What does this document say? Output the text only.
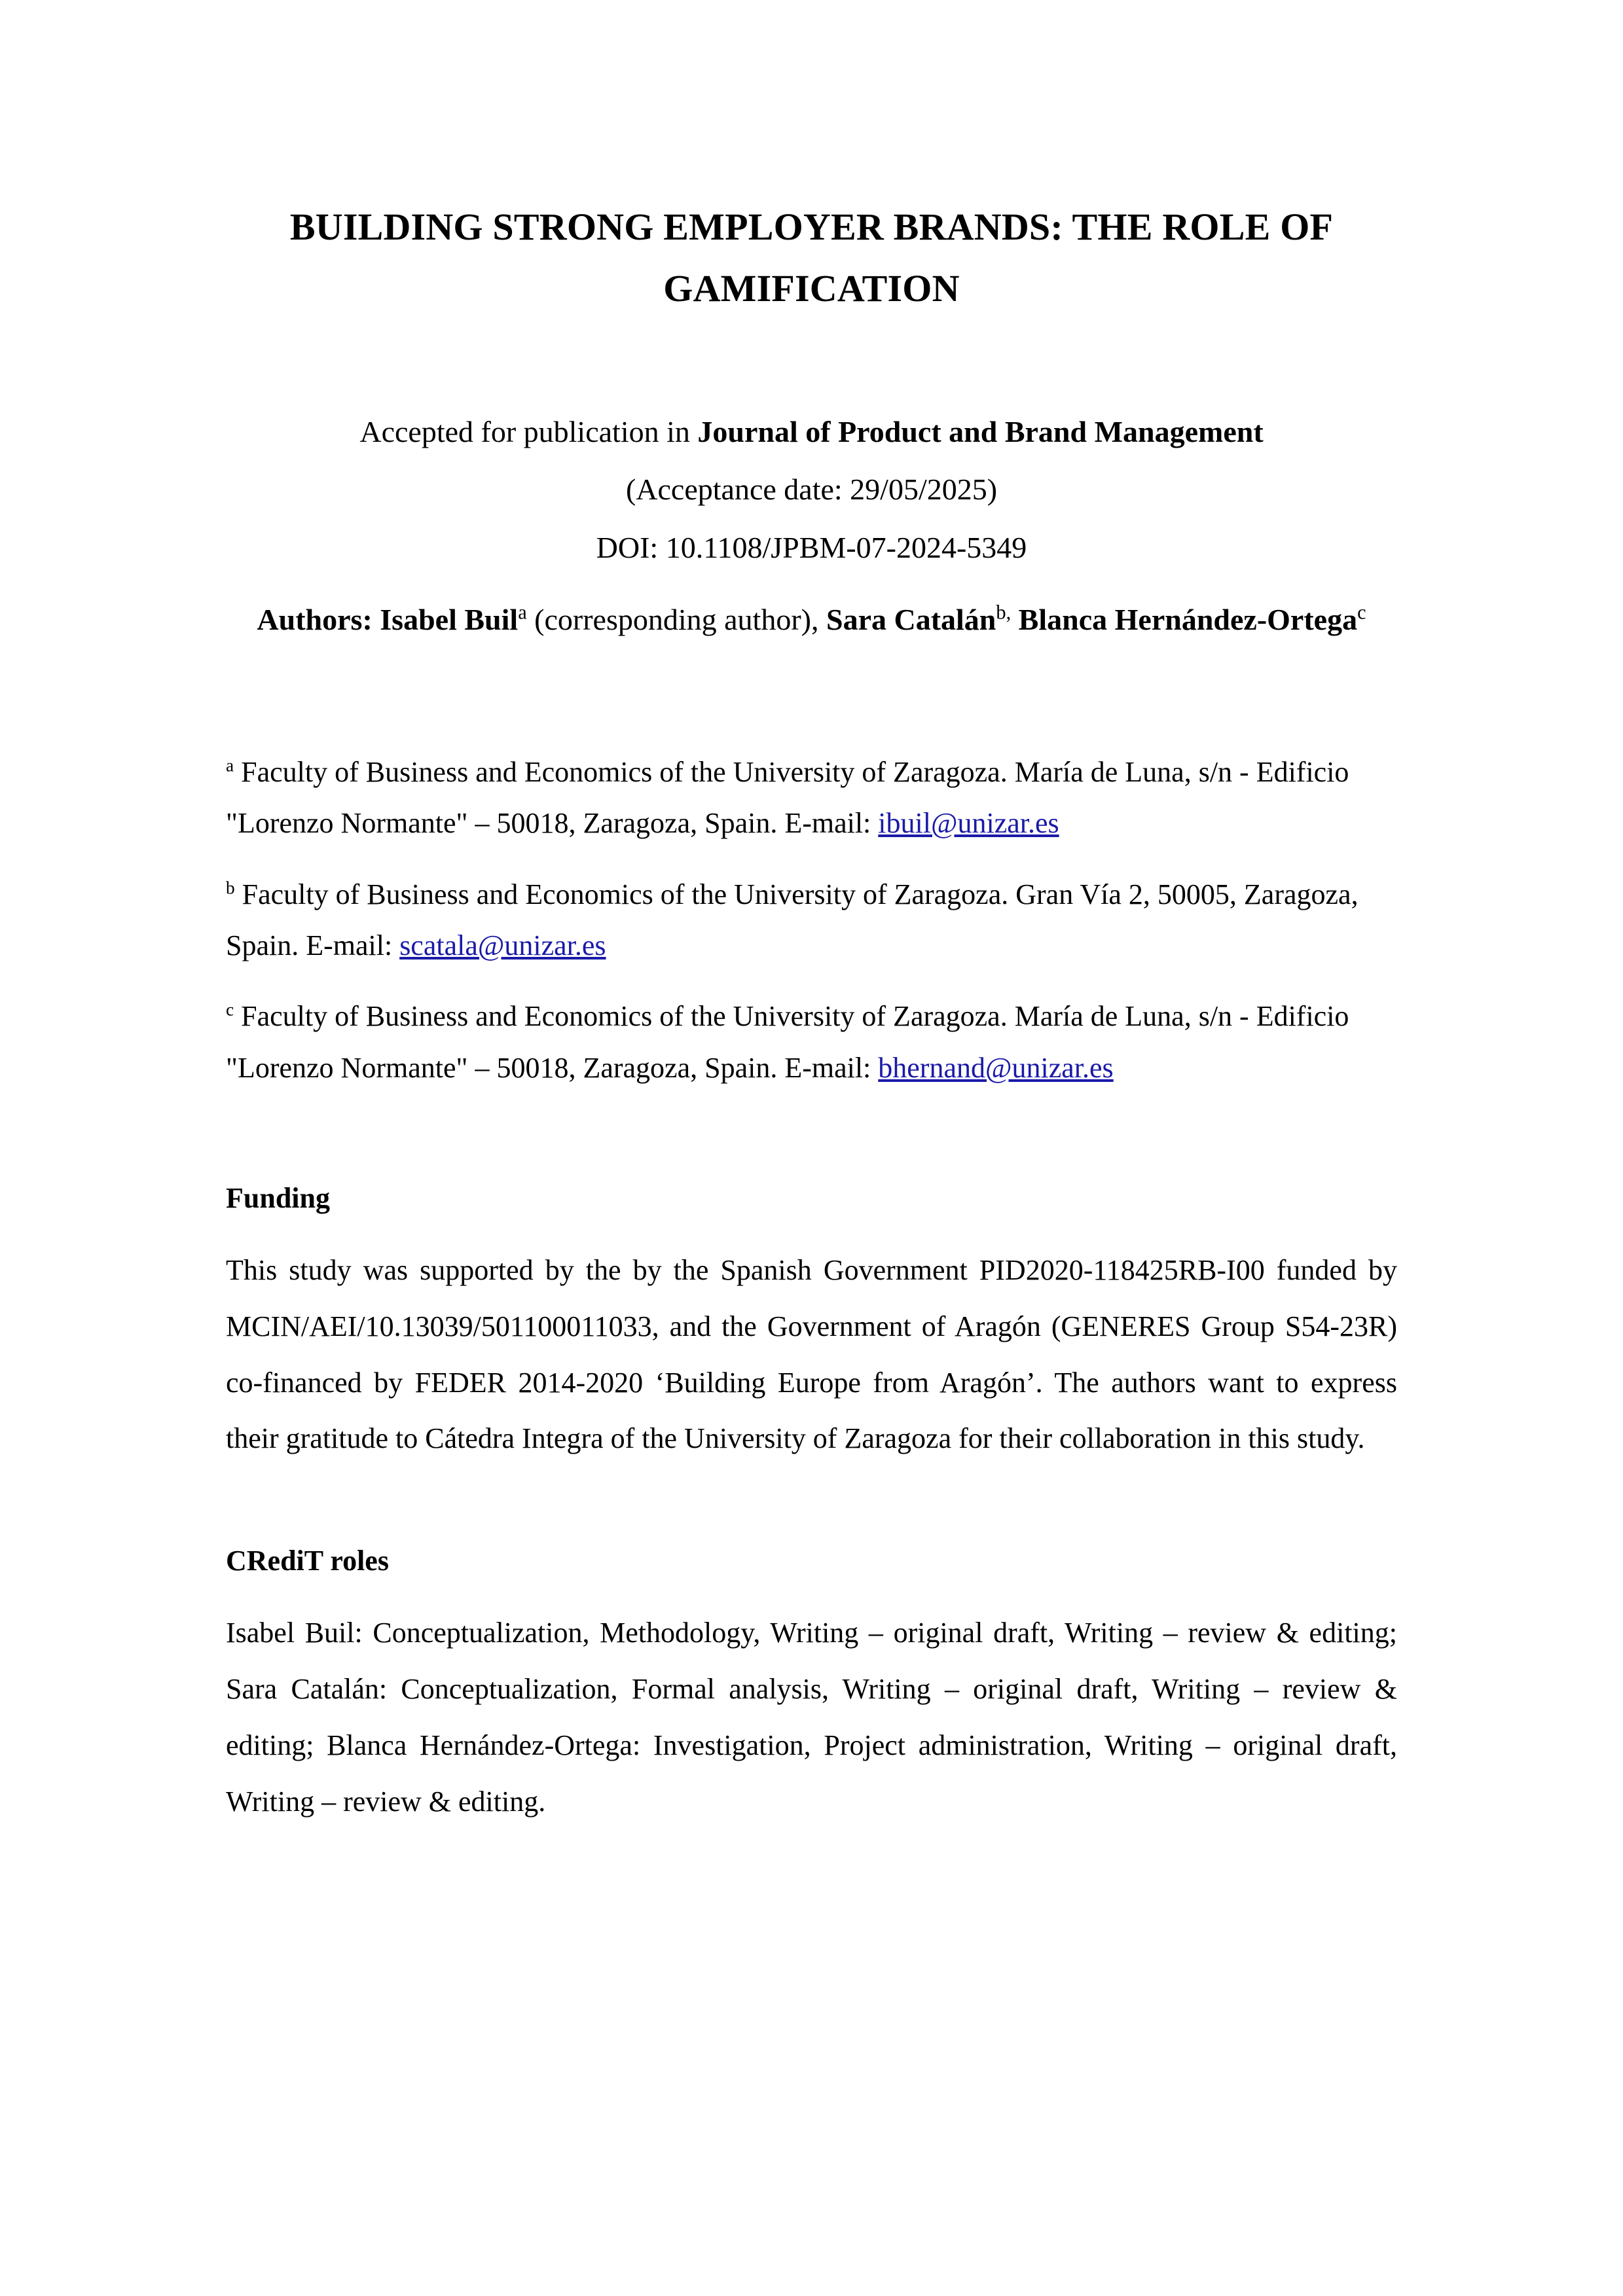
BUILDING STRONG EMPLOYER BRANDS: THE ROLE OF GAMIFICATION
Accepted for publication in Journal of Product and Brand Management
(Acceptance date: 29/05/2025)
DOI: 10.1108/JPBM-07-2024-5349
Authors: Isabel Buil$^a$ (corresponding author), Sara Catalán$^{b,}$ Blanca Hernández-Ortega$^c$
$^a$ Faculty of Business and Economics of the University of Zaragoza. María de Luna, s/n - Edificio "Lorenzo Normante" – 50018, Zaragoza, Spain. E-mail: ibuil@unizar.es
$^b$ Faculty of Business and Economics of the University of Zaragoza. Gran Vía 2, 50005, Zaragoza, Spain. E-mail: scatala@unizar.es
$^c$ Faculty of Business and Economics of the University of Zaragoza. María de Luna, s/n - Edificio "Lorenzo Normante" – 50018, Zaragoza, Spain. E-mail: bhernand@unizar.es
Funding
This study was supported by the by the Spanish Government PID2020-118425RB-I00 funded by MCIN/AEI/10.13039/501100011033, and the Government of Aragón (GENERES Group S54-23R) co-financed by FEDER 2014-2020 ‘Building Europe from Aragón’. The authors want to express their gratitude to Cátedra Integra of the University of Zaragoza for their collaboration in this study.
CRediT roles
Isabel Buil: Conceptualization, Methodology, Writing – original draft, Writing – review & editing; Sara Catalán: Conceptualization, Formal analysis, Writing – original draft, Writing – review & editing; Blanca Hernández-Ortega: Investigation, Project administration, Writing – original draft, Writing – review & editing.
